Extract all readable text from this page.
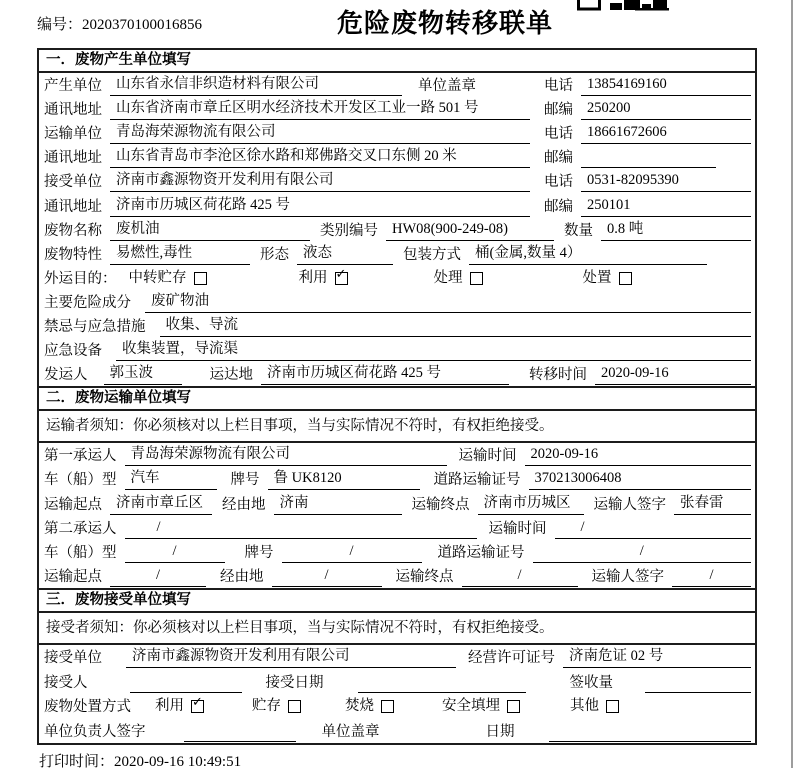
编号：2020370100016856	危险废物转移联单
一．废物产生单位填写
产生单位 山东省永信非织造材料有限公司	单位盖章	电话 13854169160
通讯地址 山东省济南市章丘区明水经济技术开发区工业一路 501 号	邮编 250200
运输单位 青岛海荣源物流有限公司	电话 18661672606
通讯地址 山东省青岛市李沧区徐水路和郑佛路交叉口东侧 20 米	邮编
接受单位 济南市鑫源物资开发利用有限公司	电话 0531-82095390
通讯地址 济南市历城区荷花路 425 号	邮编 250101
废物名称 废机油	类别编号 HW08(900-249-08)	数量 0.8 吨
废物特性 易燃性,毒性	形态 液态	包装方式 桶(金属,数量 4）
外运目的： 中转贮存	利用 ✓	处理	处置
主要危险成分	废矿物油
禁忌与应急措施	收集、导流
应急设备	收集装置，导流渠
发运人	郭玉波	运达地 济南市历城区荷花路 425 号	转移时间 2020-09-16
二．废物运输单位填写
运输者须知：你必须核对以上栏目事项，当与实际情况不符时，有权拒绝接受。
第一承运人 青岛海荣源物流有限公司	运输时间 2020-09-16
车（船）型 汽车	牌号 鲁 UK8120	道路运输证号 370213006408
运输起点 济南市章丘区	经由地 济南	运输终点 济南市历城区	运输人签字 张春雷
第二承运人	/	运输时间	/
车（船）型	/	牌号	/	道路运输证号	/
运输起点	/	经由地	/	运输终点	/	运输人签字	/
三．废物接受单位填写
接受者须知：你必须核对以上栏目事项，当与实际情况不符时，有权拒绝接受。
接受单位	济南市鑫源物资开发利用有限公司	经营许可证号 济南危证 02 号
接受人	接受日期	签收量
废物处置方式	利用 ✓	贮存	焚烧	安全填埋	其他
单位负责人签字	单位盖章	日期
打印时间：2020-09-16 10:49:51
